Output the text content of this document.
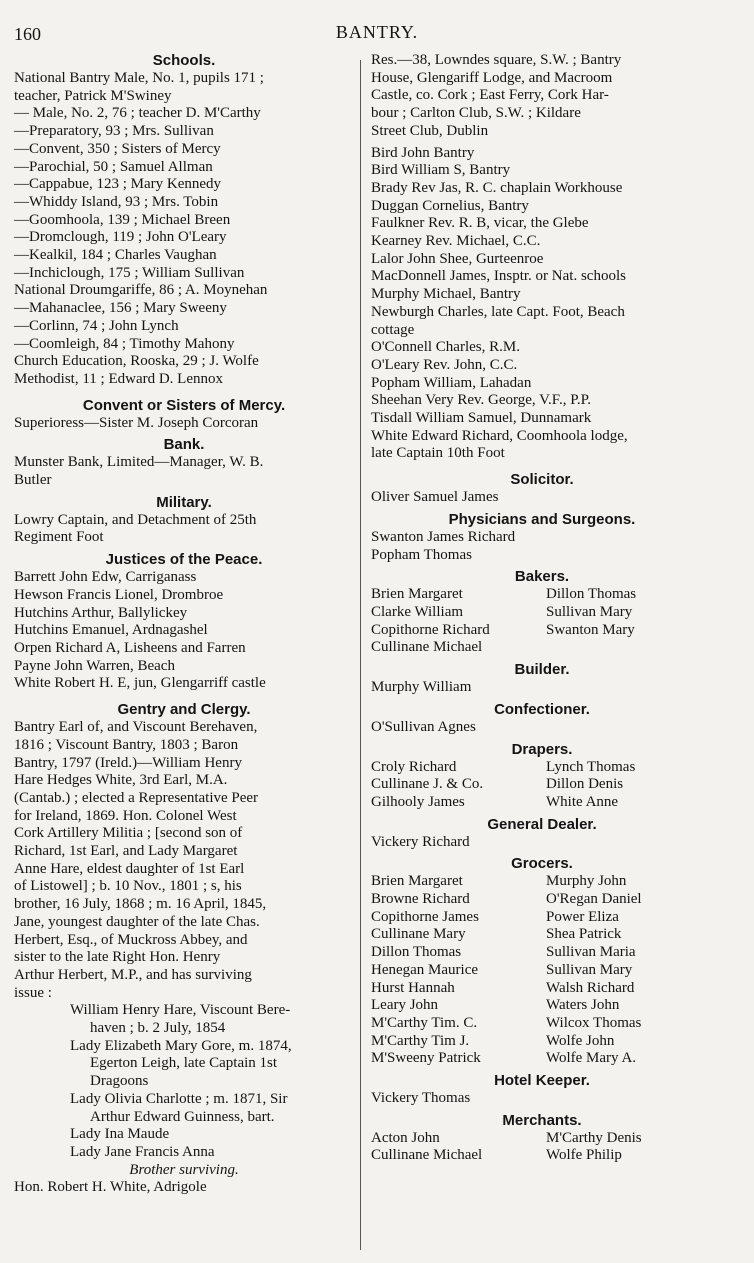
160	BANTRY.
Schools.
National Bantry Male, No. 1, pupils 171 ;
teacher, Patrick M'Swiney
— Male, No. 2, 76 ; teacher D. M'Carthy
—Preparatory, 93 ; Mrs. Sullivan
—Convent, 350 ; Sisters of Mercy
—Parochial, 50 ; Samuel Allman
—Cappabue, 123 ; Mary Kennedy
—Whiddy Island, 93 ; Mrs. Tobin
—Goomhoola, 139 ; Michael Breen
—Dromclough, 119 ; John O'Leary
—Kealkil, 184 ; Charles Vaughan
—Inchiclough, 175 ; William Sullivan
National Droumgariffe, 86 ; A. Moynehan
—Mahanaclee, 156 ; Mary Sweeny
—Corlinn, 74 ; John Lynch
—Coomleigh, 84 ; Timothy Mahony
Church Education, Rooska, 29 ; J. Wolfe
Methodist, 11 ; Edward D. Lennox
Convent or Sisters of Mercy.
Superioress—Sister M. Joseph Corcoran
Bank.
Munster Bank, Limited—Manager, W. B.
Butler
Military.
Lowry Captain, and Detachment of 25th
Regiment Foot
Justices of the Peace.
Barrett John Edw, Carriganass
Hewson Francis Lionel, Drombroe
Hutchins Arthur, Ballylickey
Hutchins Emanuel, Ardnagashel
Orpen Richard A, Lisheens and Farren
Payne John Warren, Beach
White Robert H. E, jun, Glengarriff castle
Gentry and Clergy.
Bantry Earl of, and Viscount Berehaven,
1816 ; Viscount Bantry, 1803 ; Baron
Bantry, 1797 (Ireld.)—William Henry
Hare Hedges White, 3rd Earl, M.A.
(Cantab.) ; elected a Representative Peer
for Ireland, 1869. Hon. Colonel West
Cork Artillery Militia ; [second son of
Richard, 1st Earl, and Lady Margaret
Anne Hare, eldest daughter of 1st Earl
of Listowel] ; b. 10 Nov., 1801 ; s, his
brother, 16 July, 1868 ; m. 16 April, 1845,
Jane, youngest daughter of the late Chas.
Herbert, Esq., of Muckross Abbey, and
sister to the late Right Hon. Henry
Arthur Herbert, M.P., and has surviving
issue :
William Henry Hare, Viscount Bere-
haven ; b. 2 July, 1854
Lady Elizabeth Mary Gore, m. 1874,
Egerton Leigh, late Captain 1st
Dragoons
Lady Olivia Charlotte ; m. 1871, Sir
Arthur Edward Guinness, bart.
Lady Ina Maude
Lady Jane Francis Anna
Brother surviving.
Hon. Robert H. White, Adrigole
Res.—38, Lowndes square, S.W. ; Bantry
House, Glengariff Lodge, and Macroom
Castle, co. Cork ; East Ferry, Cork Har-
bour ; Carlton Club, S.W. ; Kildare
Street Club, Dublin
Bird John Bantry
Bird William S, Bantry
Brady Rev Jas, R. C. chaplain Workhouse
Duggan Cornelius, Bantry
Faulkner Rev. R. B, vicar, the Glebe
Kearney Rev. Michael, C.C.
Lalor John Shee, Gurteenroe
MacDonnell James, Insptr. or Nat. schools
Murphy Michael, Bantry
Newburgh Charles, late Capt. Foot, Beach
cottage
O'Connell Charles, R.M.
O'Leary Rev. John, C.C.
Popham William, Lahadan
Sheehan Very Rev. George, V.F., P.P.
Tisdall William Samuel, Dunnamark
White Edward Richard, Coomhoola lodge,
late Captain 10th Foot
Solicitor.
Oliver Samuel James
Physicians and Surgeons.
Swanton James Richard
Popham Thomas
Bakers.
Brien Margaret	Dillon Thomas
Clarke William	Sullivan Mary
Copithorne Richard	Swanton Mary
Cullinane Michael
Builder.
Murphy William
Confectioner.
O'Sullivan Agnes
Drapers.
Croly Richard	Lynch Thomas
Cullinane J. & Co.	Dillon Denis
Gilhooly James	White Anne
General Dealer.
Vickery Richard
Grocers.
Brien Margaret	Murphy John
Browne Richard	O'Regan Daniel
Copithorne James	Power Eliza
Cullinane Mary	Shea Patrick
Dillon Thomas	Sullivan Maria
Henegan Maurice	Sullivan Mary
Hurst Hannah	Walsh Richard
Leary John	Waters John
M'Carthy Tim. C.	Wilcox Thomas
M'Carthy Tim J.	Wolfe John
M'Sweeny Patrick	Wolfe Mary A.
Hotel Keeper.
Vickery Thomas
Merchants.
Acton John	M'Carthy Denis
Cullinane Michael	Wolfe Philip
